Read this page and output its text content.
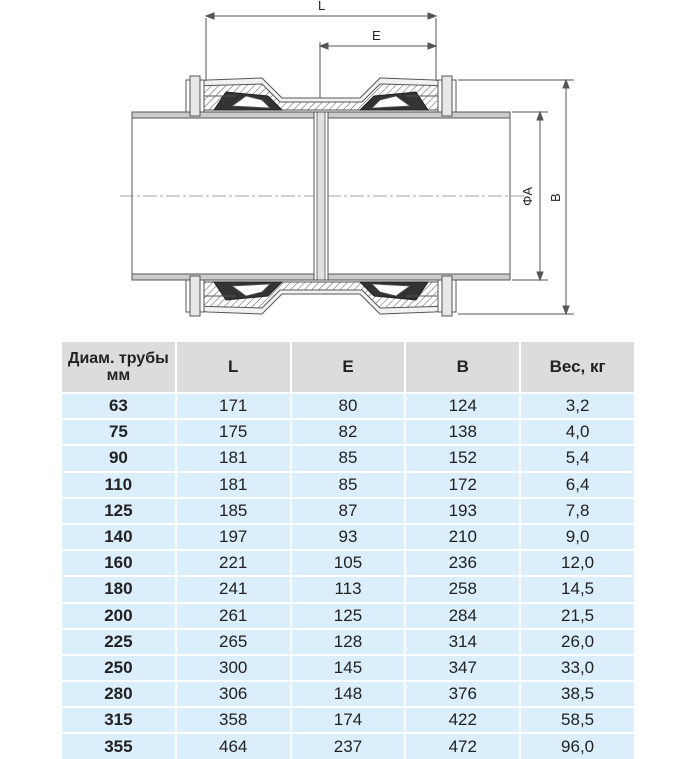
L
E
ΦA B
Диам. трубы мм	L	E	B	Вес, кг
63	171	80	124	3,2
75	175	82	138	4,0
90	181	85	152	5,4
110	181	85	172	6,4
125	185	87	193	7,8
140	197	93	210	9,0
160	221	105	236	12,0
180	241	113	258	14,5
200	261	125	284	21,5
225	265	128	314	26,0
250	300	145	347	33,0
280	306	148	376	38,5
315	358	174	422	58,5
355	464	237	472	96,0
